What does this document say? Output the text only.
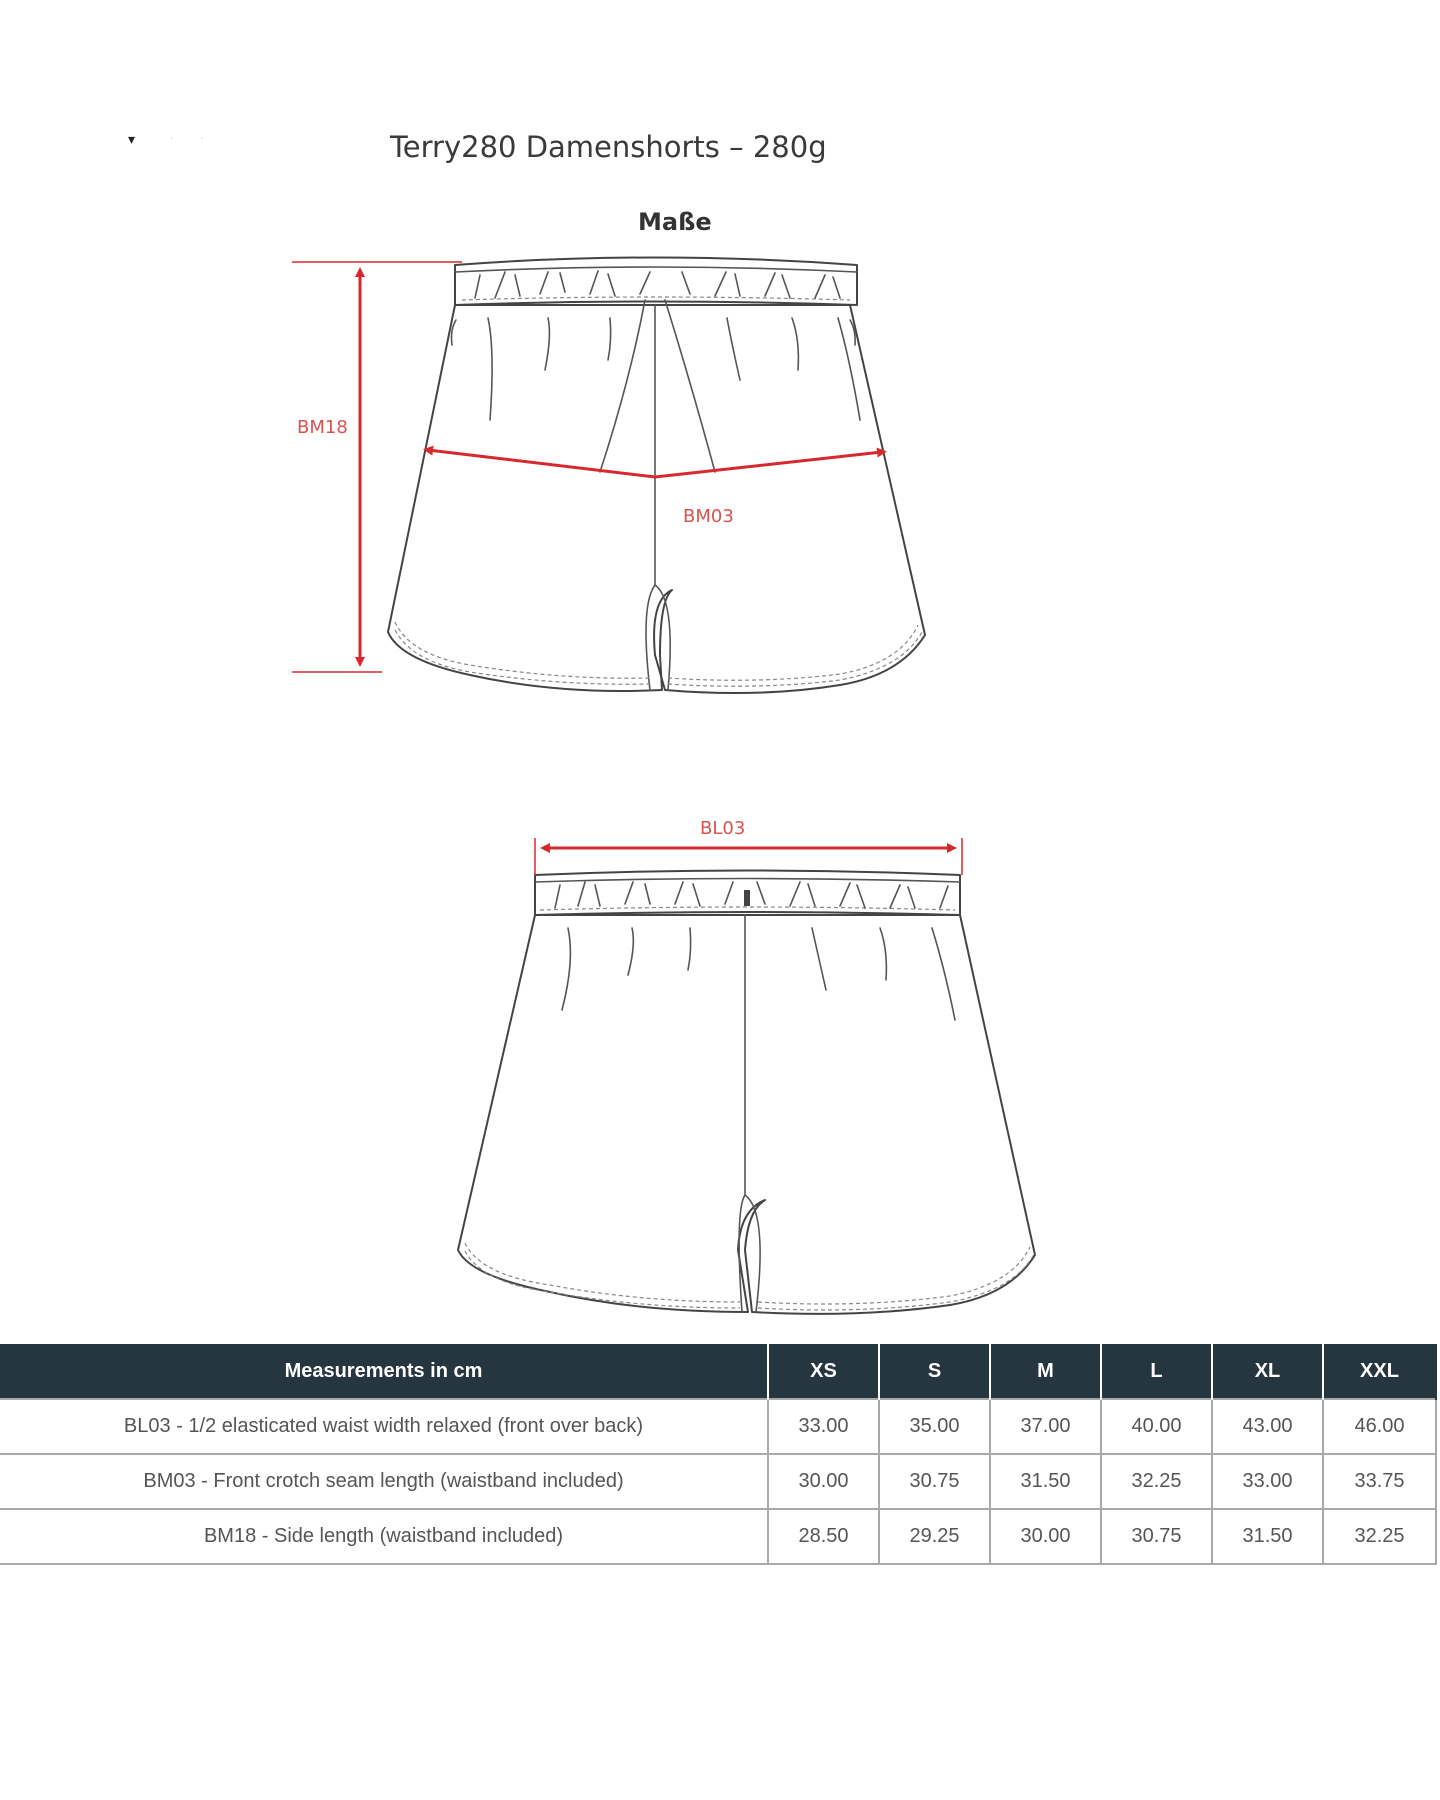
▾	· ·	Terry280 Damenshorts – 280g
Maße
BM18
BM03
BL03
Measurements in cm	XS	S	M	L	XL	XXL
BL03 - 1/2 elasticated waist width relaxed (front over back)	33.00	35.00	37.00	40.00	43.00	46.00
BM03 - Front crotch seam length (waistband included)	30.00	30.75	31.50	32.25	33.00	33.75
BM18 - Side length (waistband included)	28.50	29.25	30.00	30.75	31.50	32.25
